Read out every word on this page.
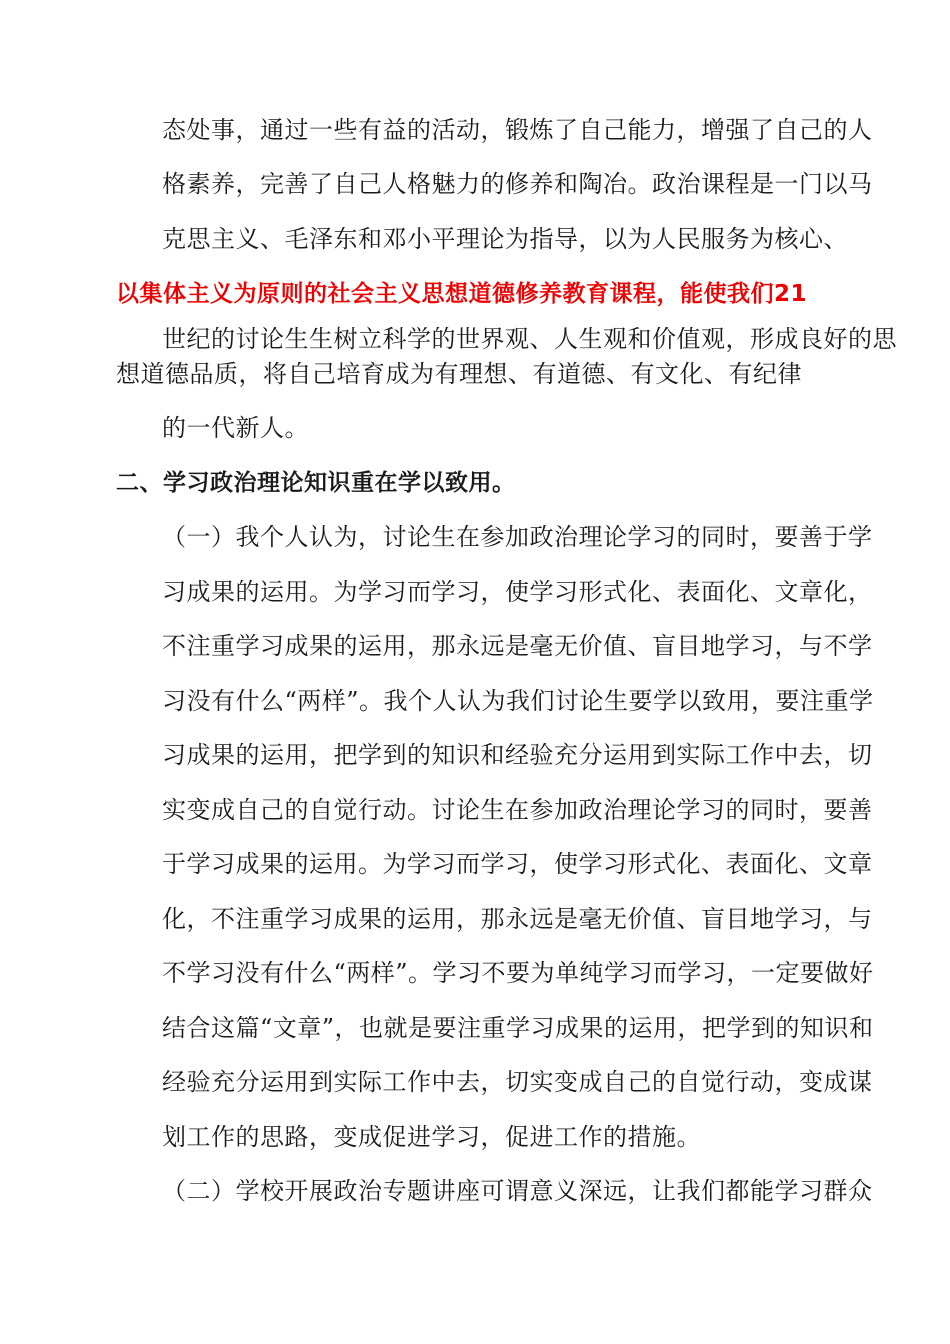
态处事，通过一些有益的活动，锻炼了自己能力，增强了自己的人
格素养，完善了自己人格魅力的修养和陶冶。政治课程是一门以马
克思主义、毛泽东和邓小平理论为指导，以为人民服务为核心、
以集体主义为原则的社会主义思想道德修养教育课程，能使我们21
世纪的讨论生生树立科学的世界观、人生观和价值观，形成良好的思
想道德品质，将自己培育成为有理想、有道德、有文化、有纪律
的一代新人。
二、学习政治理论知识重在学以致用。
（一）我个人认为，讨论生在参加政治理论学习的同时，要善于学
习成果的运用。为学习而学习，使学习形式化、表面化、文章化，
不注重学习成果的运用，那永远是毫无价值、盲目地学习，与不学
习没有什么“两样”。我个人认为我们讨论生要学以致用，要注重学
习成果的运用，把学到的知识和经验充分运用到实际工作中去，切
实变成自己的自觉行动。讨论生在参加政治理论学习的同时，要善
于学习成果的运用。为学习而学习，使学习形式化、表面化、文章
化，不注重学习成果的运用，那永远是毫无价值、盲目地学习，与
不学习没有什么“两样”。学习不要为单纯学习而学习，一定要做好
结合这篇“文章”，也就是要注重学习成果的运用，把学到的知识和
经验充分运用到实际工作中去，切实变成自己的自觉行动，变成谋
划工作的思路，变成促进学习，促进工作的措施。
（二）学校开展政治专题讲座可谓意义深远，让我们都能学习群众
